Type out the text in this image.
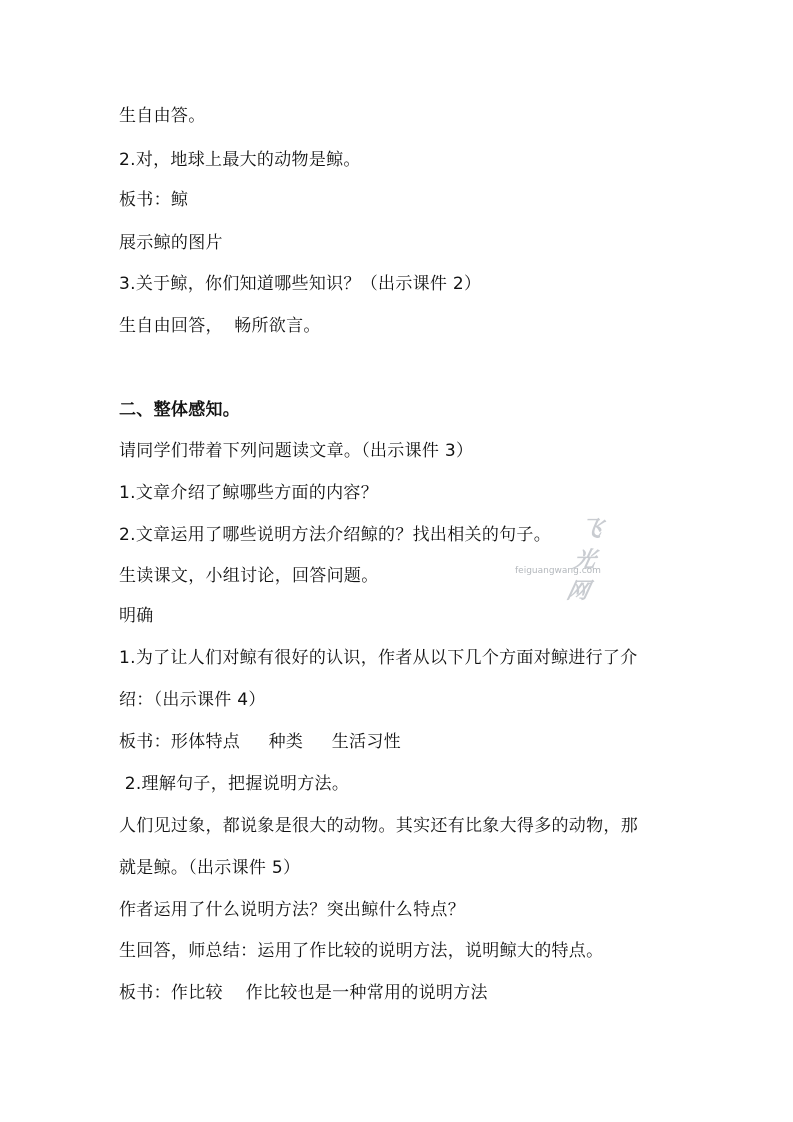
生自由答。
2.对，地球上最大的动物是鲸。
板书：鲸
展示鲸的图片
3.关于鲸，你们知道哪些知识？（出示课件 2）
生自由回答，  畅所欲言。
二、整体感知。
请同学们带着下列问题读文章。（出示课件 3）
1.文章介绍了鲸哪些方面的内容？
2.文章运用了哪些说明方法介绍鲸的？找出相关的句子。
生读课文，小组讨论，回答问题。
明确
1.为了让人们对鲸有很好的认识，作者从以下几个方面对鲸进行了介
绍：（出示课件 4）
板书：形体特点     种类     生活习性
2.理解句子，把握说明方法。
人们见过象，都说象是很大的动物。其实还有比象大得多的动物，那
就是鲸。（出示课件 5）
作者运用了什么说明方法？突出鲸什么特点？
生回答，师总结：运用了作比较的说明方法，说明鲸大的特点。
板书：作比较    作比较也是一种常用的说明方法
飞光网
feiguangwang.com
